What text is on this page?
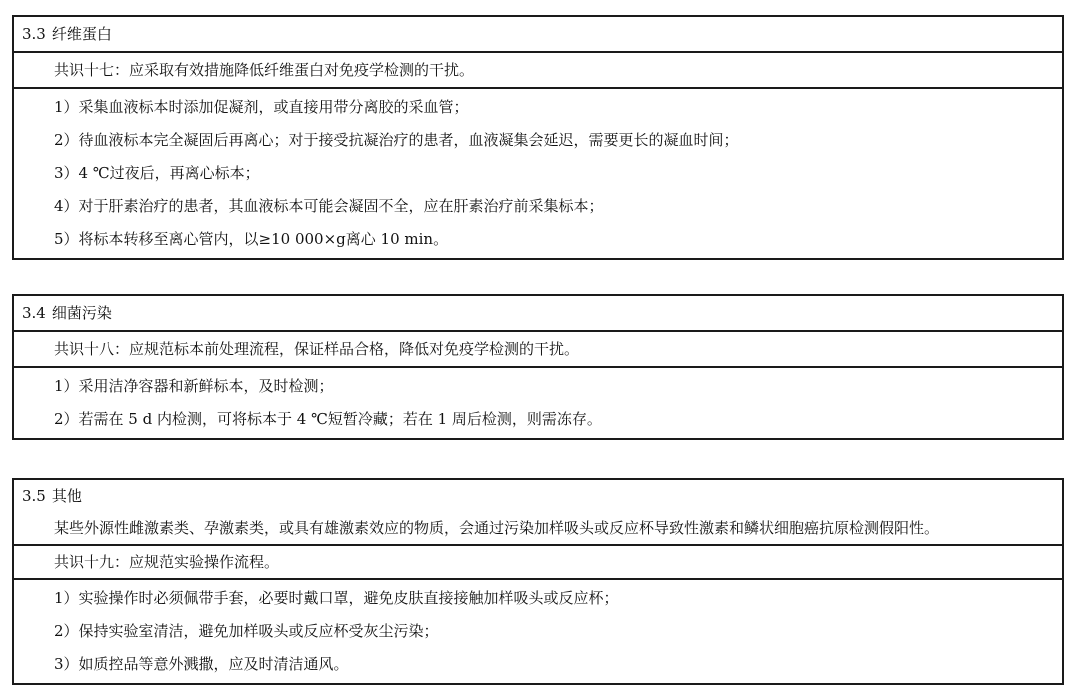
3.3 纤维蛋白
共识十七：应采取有效措施降低纤维蛋白对免疫学检测的干扰。
1）采集血液标本时添加促凝剂，或直接用带分离胶的采血管；
2）待血液标本完全凝固后再离心；对于接受抗凝治疗的患者，血液凝集会延迟，需要更长的凝血时间；
3）4 ℃过夜后，再离心标本；
4）对于肝素治疗的患者，其血液标本可能会凝固不全，应在肝素治疗前采集标本；
5）将标本转移至离心管内，以≥10 000×g离心 10 min。
3.4 细菌污染
共识十八：应规范标本前处理流程，保证样品合格，降低对免疫学检测的干扰。
1）采用洁净容器和新鲜标本，及时检测；
2）若需在 5 d 内检测，可将标本于 4 ℃短暂冷藏；若在 1 周后检测，则需冻存。
3.5 其他
某些外源性雌激素类、孕激素类，或具有雄激素效应的物质，会通过污染加样吸头或反应杯导致性激素和鳞状细胞癌抗原检测假阳性。
共识十九：应规范实验操作流程。
1）实验操作时必须佩带手套，必要时戴口罩，避免皮肤直接接触加样吸头或反应杯；
2）保持实验室清洁，避免加样吸头或反应杯受灰尘污染；
3）如质控品等意外溅撒，应及时清洁通风。
